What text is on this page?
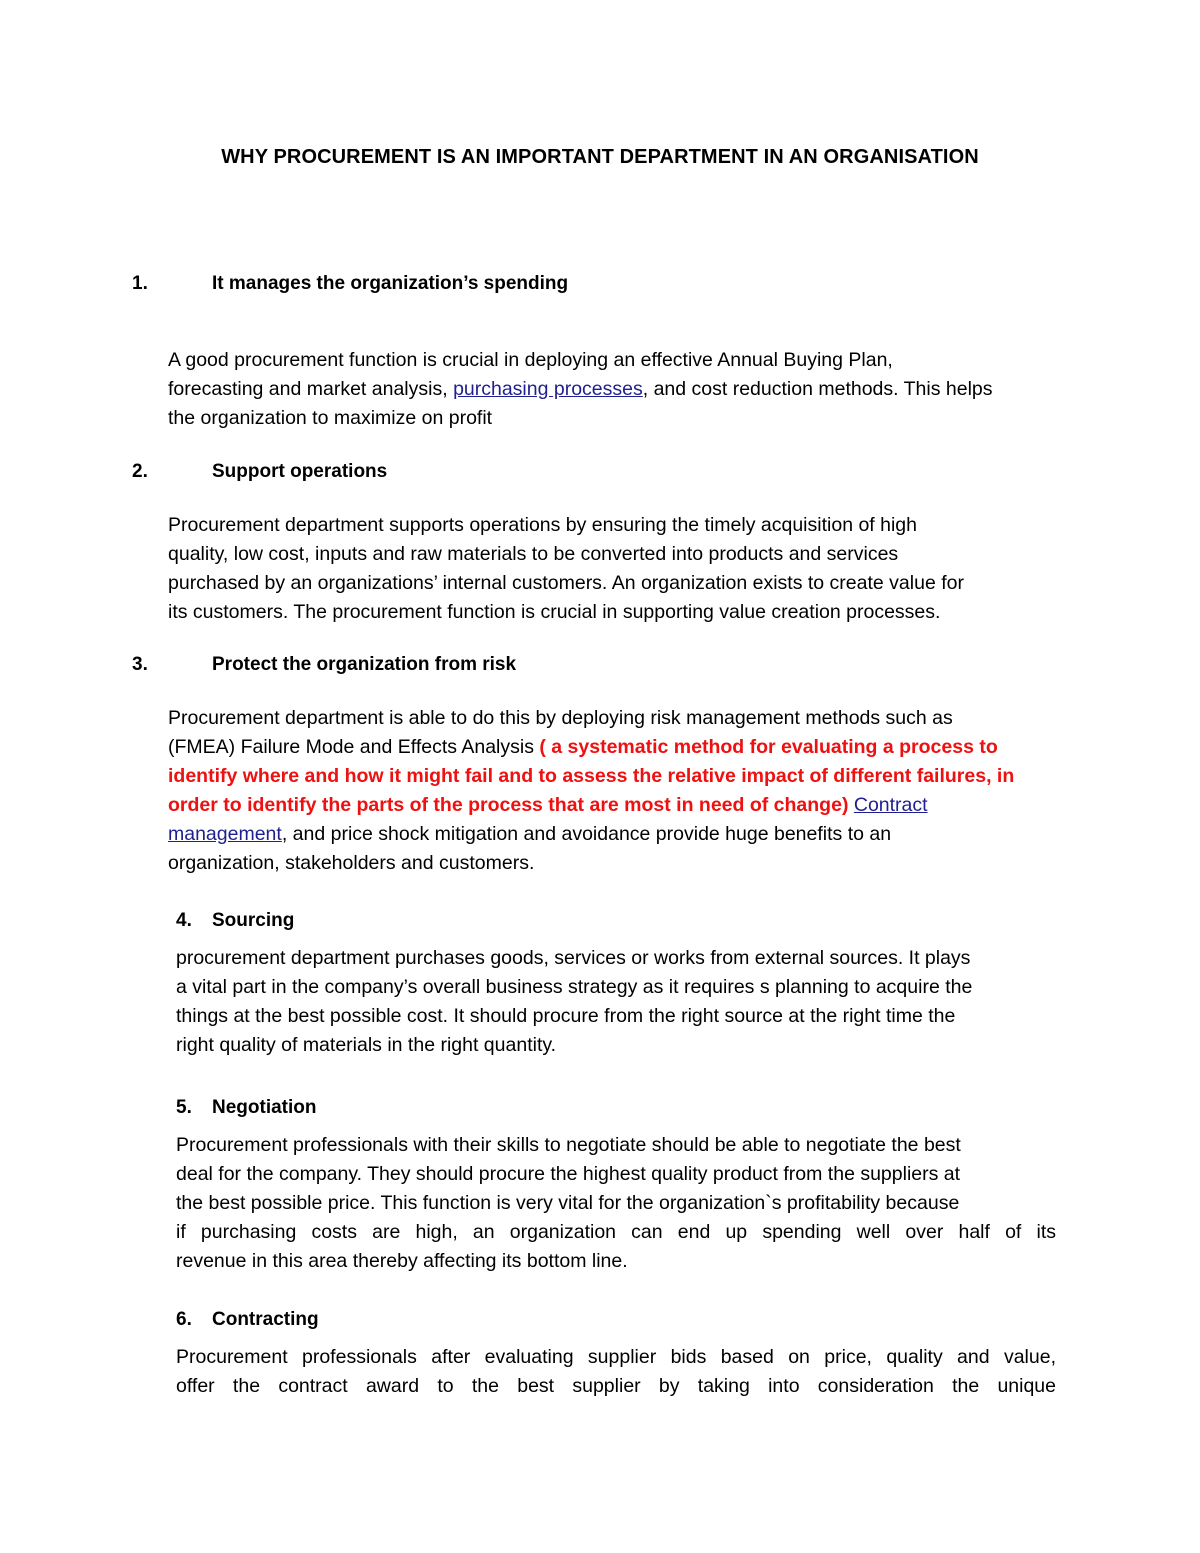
WHY PROCUREMENT IS AN IMPORTANT DEPARTMENT IN AN ORGANISATION
1.	It manages the organization’s spending
A good procurement function is crucial in deploying an effective Annual Buying Plan,
forecasting and market analysis, purchasing processes, and cost reduction methods. This helps
the organization to maximize on profit
2.	Support operations
Procurement department supports operations by ensuring the timely acquisition of high
quality, low cost, inputs and raw materials to be converted into products and services
purchased by an organizations’ internal customers. An organization exists to create value for
its customers. The procurement function is crucial in supporting value creation processes.
3.	Protect the organization from risk
Procurement department is able to do this by deploying risk management methods such as
(FMEA) Failure Mode and Effects Analysis ( a systematic method for evaluating a process to
identify where and how it might fail and to assess the relative impact of different failures, in
order to identify the parts of the process that are most in need of change) Contract
management, and price shock mitigation and avoidance provide huge benefits to an
organization, stakeholders and customers.
4. Sourcing
procurement department purchases goods, services or works from external sources. It plays
a vital part in the company’s overall business strategy as it requires s planning to acquire the
things at the best possible cost. It should procure from the right source at the right time the
right quality of materials in the right quantity.
5. Negotiation
Procurement professionals with their skills to negotiate should be able to negotiate the best
deal for the company. They should procure the highest quality product from the suppliers at
the best possible price. This function is very vital for the organization`s profitability because
if purchasing costs are high, an organization can end up spending well over half of its
revenue in this area thereby affecting its bottom line.
6. Contracting
Procurement professionals after evaluating supplier bids based on price, quality and value,
offer the contract award to the best supplier by taking into consideration the unique
